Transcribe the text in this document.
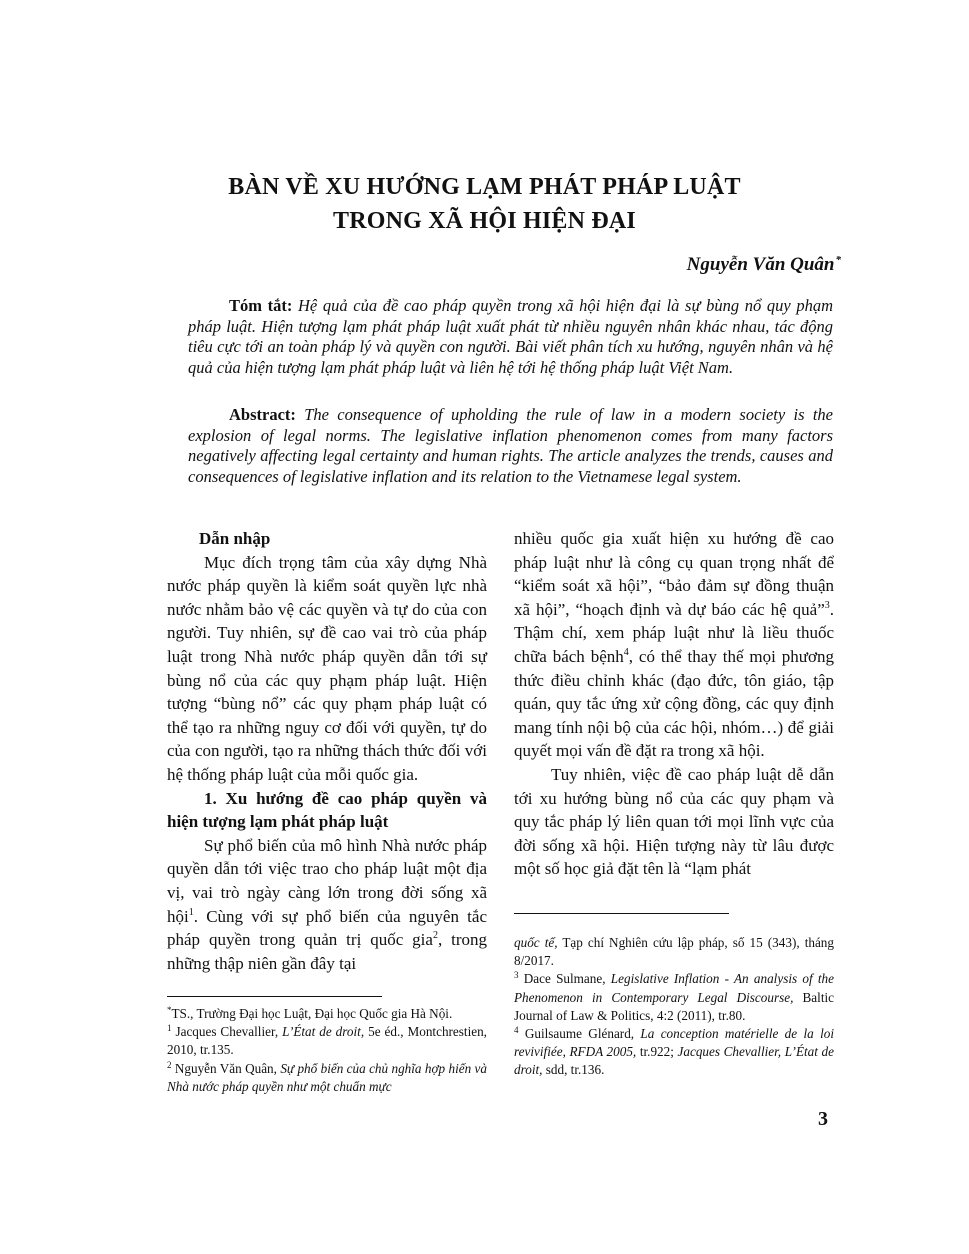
BÀN VỀ XU HƯỚNG LẠM PHÁT PHÁP LUẬT
TRONG XÃ HỘI HIỆN ĐẠI
Nguyễn Văn Quân*
Tóm tắt: Hệ quả của đề cao pháp quyền trong xã hội hiện đại là sự bùng nổ quy phạm pháp luật. Hiện tượng lạm phát pháp luật xuất phát từ nhiều nguyên nhân khác nhau, tác động tiêu cực tới an toàn pháp lý và quyền con người. Bài viết phân tích xu hướng, nguyên nhân và hệ quả của hiện tượng lạm phát pháp luật và liên hệ tới hệ thống pháp luật Việt Nam.
Abstract: The consequence of upholding the rule of law in a modern society is the explosion of legal norms. The legislative inflation phenomenon comes from many factors negatively affecting legal certainty and human rights. The article analyzes the trends, causes and consequences of legislative inflation and its relation to the Vietnamese legal system.
Dẫn nhập

Mục đích trọng tâm của xây dựng Nhà nước pháp quyền là kiểm soát quyền lực nhà nước nhằm bảo vệ các quyền và tự do của con người. Tuy nhiên, sự đề cao vai trò của pháp luật trong Nhà nước pháp quyền dẫn tới sự bùng nổ của các quy phạm pháp luật. Hiện tượng “bùng nổ” các quy phạm pháp luật có thể tạo ra những nguy cơ đối với quyền, tự do của con người, tạo ra những thách thức đối với hệ thống pháp luật của mỗi quốc gia.

1. Xu hướng đề cao pháp quyền và hiện tượng lạm phát pháp luật

Sự phổ biến của mô hình Nhà nước pháp quyền dẫn tới việc trao cho pháp luật một địa vị, vai trò ngày càng lớn trong đời sống xã hội$^1$. Cùng với sự phổ biến của nguyên tắc pháp quyền trong quản trị quốc gia$^2$, trong những thập niên gần đây tại

nhiều quốc gia xuất hiện xu hướng đề cao pháp luật như là công cụ quan trọng nhất để “kiểm soát xã hội”, “bảo đảm sự đồng thuận xã hội”, “hoạch định và dự báo các hệ quả”$^3$. Thậm chí, xem pháp luật như là liều thuốc chữa bách bệnh$^4$, có thể thay thế mọi phương thức điều chỉnh khác (đạo đức, tôn giáo, tập quán, quy tắc ứng xử cộng đồng, các quy định mang tính nội bộ của các hội, nhóm…) để giải quyết mọi vấn đề đặt ra trong xã hội.

Tuy nhiên, việc đề cao pháp luật dễ dẫn tới xu hướng bùng nổ của các quy phạm và quy tắc pháp lý liên quan tới mọi lĩnh vực của đời sống xã hội. Hiện tượng này từ lâu được một số học giả đặt tên là “lạm phát

*TS., Trường Đại học Luật, Đại học Quốc gia Hà Nội.

$^1$ Jacques Chevallier, L’État de droit, 5e éd., Montchrestien, 2010, tr.135.

$^2$ Nguyễn Văn Quân, Sự phổ biến của chủ nghĩa hợp hiến và Nhà nước pháp quyền như một chuẩn mực

quốc tế, Tạp chí Nghiên cứu lập pháp, số 15 (343), tháng 8/2017.

$^3$ Dace Sulmane, Legislative Inflation - An analysis of the Phenomenon in Contemporary Legal Discourse, Baltic Journal of Law & Politics, 4:2 (2011), tr.80.

$^4$ Guilsaume Glénard, La conception matérielle de la loi revivifiée, RFDA 2005, tr.922; Jacques Chevallier, L’État de droit, sdd, tr.136.

3
